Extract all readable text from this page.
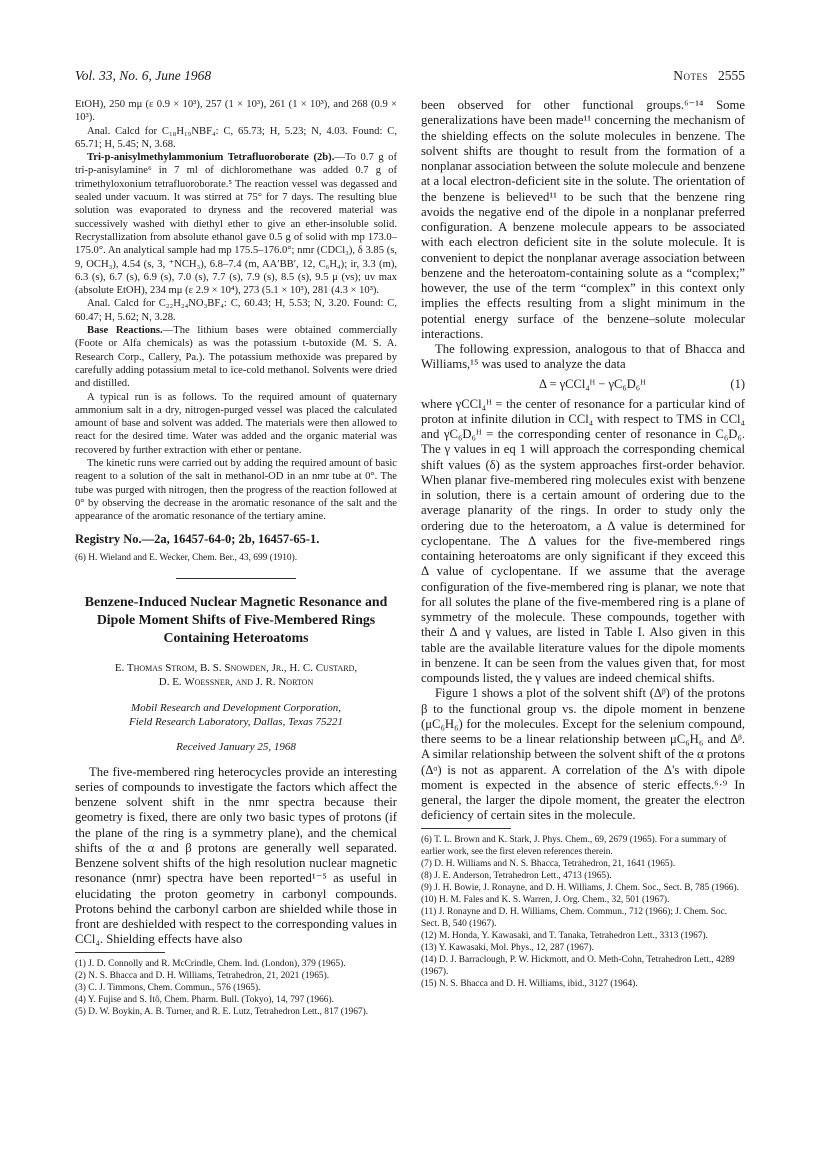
Vol. 33, No. 6, June 1968	Notes 2555

EtOH), 250 mμ (ε 0.9 × 10³), 257 (1 × 10³), 261 (1 × 10³), and 268 (0.9 × 10³).

Anal. Calcd for C₁₈H₁₉NBF₄: C, 65.73; H, 5.23; N, 4.03. Found: C, 65.71; H, 5.45; N, 3.68.

Tri-p-anisylmethylammonium Tetrafluoroborate (2b).—To 0.7 g of tri-p-anisylamine⁶ in 7 ml of dichloromethane was added 0.7 g of trimethyloxonium tetrafluoroborate.⁵ The reaction vessel was degassed and sealed under vacuum. It was stirred at 75° for 7 days. The resulting blue solution was evaporated to dryness and the recovered material was successively washed with diethyl ether to give an ether-insoluble solid. Recrystallization from absolute ethanol gave 0.5 g of solid with mp 173.0–175.0°. An analytical sample had mp 175.5–176.0°; nmr (CDCl₃), δ 3.85 (s, 9, OCH₃), 4.54 (s, 3, ⁺NCH₃), 6.8–7.4 (m, AA′BB′, 12, C₆H₄); ir, 3.3 (m), 6.3 (s), 6.7 (s), 6.9 (s), 7.0 (s), 7.7 (s), 7.9 (s), 8.5 (s), 9.5 μ (vs); uv max (absolute EtOH), 234 mμ (ε 2.9 × 10⁴), 273 (5.1 × 10³), 281 (4.3 × 10³).

Anal. Calcd for C₂₂H₂₄NO₃BF₄: C, 60.43; H, 5.53; N, 3.20. Found: C, 60.47; H, 5.62; N, 3.28.

Base Reactions.—The lithium bases were obtained commercially (Foote or Alfa chemicals) as was the potassium t-butoxide (M. S. A. Research Corp., Callery, Pa.). The potassium methoxide was prepared by carefully adding potassium metal to ice-cold methanol. Solvents were dried and distilled.

A typical run is as follows. To the required amount of quaternary ammonium salt in a dry, nitrogen-purged vessel was placed the calculated amount of base and solvent was added. The materials were then allowed to react for the desired time. Water was added and the organic material was recovered by further extraction with ether or pentane.

The kinetic runs were carried out by adding the required amount of basic reagent to a solution of the salt in methanol-OD in an nmr tube at 0°. The tube was purged with nitrogen, then the progress of the reaction followed at 0° by observing the decrease in the aromatic resonance of the salt and the appearance of the aromatic resonance of the tertiary amine.

Registry No.—2a, 16457-64-0; 2b, 16457-65-1.

(6) H. Wieland and E. Wecker, Chem. Ber., 43, 699 (1910).

Benzene-Induced Nuclear Magnetic Resonance and Dipole Moment Shifts of Five-Membered Rings Containing Heteroatoms

E. Thomas Strom, B. S. Snowden, Jr., H. C. Custard,
D. E. Woessner, and J. R. Norton

Mobil Research and Development Corporation,
Field Research Laboratory, Dallas, Texas 75221

Received January 25, 1968

The five-membered ring heterocycles provide an interesting series of compounds to investigate the factors which affect the benzene solvent shift in the nmr spectra because their geometry is fixed, there are only two basic types of protons (if the plane of the ring is a symmetry plane), and the chemical shifts of the α and β protons are generally well separated. Benzene solvent shifts of the high resolution nuclear magnetic resonance (nmr) spectra have been reported¹⁻⁵ as useful in elucidating the proton geometry in carbonyl compounds. Protons behind the carbonyl carbon are shielded while those in front are deshielded with respect to the corresponding values in CCl₄. Shielding effects have also

(1) J. D. Connolly and R. McCrindle, Chem. Ind. (London), 379 (1965).

(2) N. S. Bhacca and D. H. Williams, Tetrahedron, 21, 2021 (1965).

(3) C. J. Timmons, Chem. Commun., 576 (1965).

(4) Y. Fujise and S. Itô, Chem. Pharm. Bull. (Tokyo), 14, 797 (1966).

(5) D. W. Boykin, A. B. Turner, and R. E. Lutz, Tetrahedron Lett., 817 (1967).

been observed for other functional groups.⁶⁻¹⁴ Some generalizations have been made¹¹ concerning the mechanism of the shielding effects on the solute molecules in benzene. The solvent shifts are thought to result from the formation of a nonplanar association between the solute molecule and benzene at a local electron-deficient site in the solute. The orientation of the benzene is believed¹¹ to be such that the benzene ring avoids the negative end of the dipole in a nonplanar preferred configuration. A benzene molecule appears to be associated with each electron deficient site in the solute molecule. It is convenient to depict the nonplanar average association between benzene and the heteroatom-containing solute as a “complex;” however, the use of the term “complex” in this context only implies the effects resulting from a slight minimum in the potential energy surface of the benzene–solute molecular interactions.

The following expression, analogous to that of Bhacca and Williams,¹⁵ was used to analyze the data

Δ = γCCl₄ᴴ − γC₆D₆ᴴ	(1)

where γCCl₄ᴴ = the center of resonance for a particular kind of proton at infinite dilution in CCl₄ with respect to TMS in CCl₄ and γC₆D₆ᴴ = the corresponding center of resonance in C₆D₆. The γ values in eq 1 will approach the corresponding chemical shift values (δ) as the system approaches first-order behavior. When planar five-membered ring molecules exist with benzene in solution, there is a certain amount of ordering due to the average planarity of the rings. In order to study only the ordering due to the heteroatom, a Δ value is determined for cyclopentane. The Δ values for the five-membered rings containing heteroatoms are only significant if they exceed this Δ value of cyclopentane. If we assume that the average configuration of the five-membered ring is planar, we note that for all solutes the plane of the five-membered ring is a plane of symmetry of the molecule. These compounds, together with their Δ and γ values, are listed in Table I. Also given in this table are the available literature values for the dipole moments in benzene. It can be seen from the values given that, for most compounds listed, the γ values are indeed chemical shifts.

Figure 1 shows a plot of the solvent shift (Δᵝ) of the protons β to the functional group vs. the dipole moment in benzene (μC₆H₆) for the molecules. Except for the selenium compound, there seems to be a linear relationship between μC₆H₆ and Δᵝ. A similar relationship between the solvent shift of the α protons (Δᵅ) is not as apparent. A correlation of the Δ's with dipole moment is expected in the absence of steric effects.⁶·⁹ In general, the larger the dipole moment, the greater the electron deficiency of certain sites in the molecule.

(6) T. L. Brown and K. Stark, J. Phys. Chem., 69, 2679 (1965). For a summary of earlier work, see the first eleven references therein.

(7) D. H. Williams and N. S. Bhacca, Tetrahedron, 21, 1641 (1965).

(8) J. E. Anderson, Tetrahedron Lett., 4713 (1965).

(9) J. H. Bowie, J. Ronayne, and D. H. Williams, J. Chem. Soc., Sect. B, 785 (1966).

(10) H. M. Fales and K. S. Warren, J. Org. Chem., 32, 501 (1967).

(11) J. Ronayne and D. H. Williams, Chem. Commun., 712 (1966); J. Chem. Soc. Sect. B, 540 (1967).

(12) M. Honda, Y. Kawasaki, and T. Tanaka, Tetrahedron Lett., 3313 (1967).

(13) Y. Kawasaki, Mol. Phys., 12, 287 (1967).

(14) D. J. Barraclough, P. W. Hickmott, and O. Meth-Cohn, Tetrahedron Lett., 4289 (1967).

(15) N. S. Bhacca and D. H. Williams, ibid., 3127 (1964).
